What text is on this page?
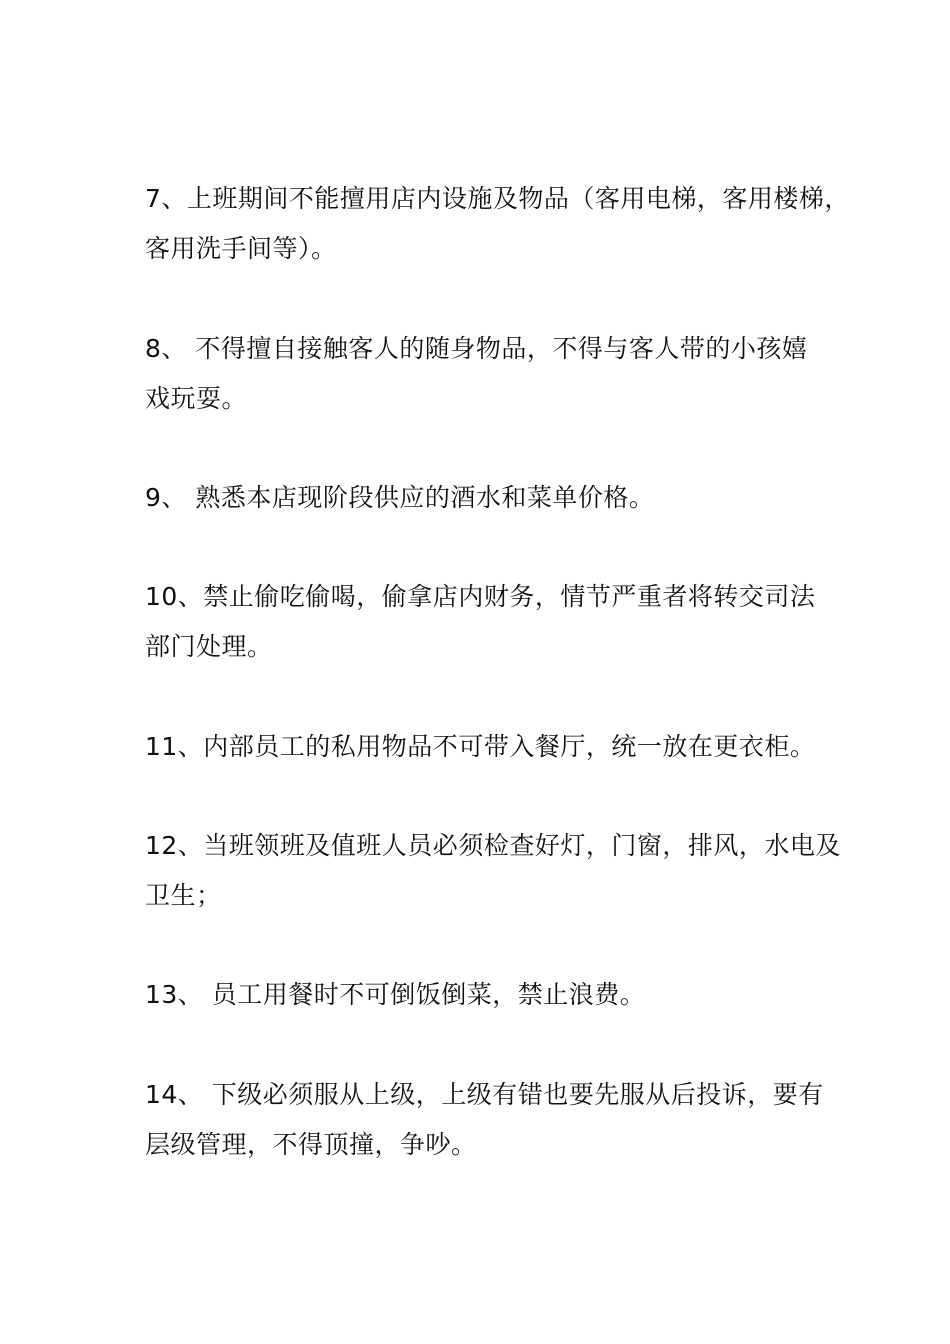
7、上班期间不能擅用店内设施及物品（客用电梯，客用楼梯，
客用洗手间等）。

8、 不得擅自接触客人的随身物品，不得与客人带的小孩嬉
戏玩耍。

9、 熟悉本店现阶段供应的酒水和菜单价格。

10、禁止偷吃偷喝，偷拿店内财务，情节严重者将转交司法
部门处理。

11、内部员工的私用物品不可带入餐厅，统一放在更衣柜。

12、当班领班及值班人员必须检查好灯，门窗，排风，水电及
卫生；

13、 员工用餐时不可倒饭倒菜，禁止浪费。

14、 下级必须服从上级，上级有错也要先服从后投诉，要有
层级管理，不得顶撞，争吵。
